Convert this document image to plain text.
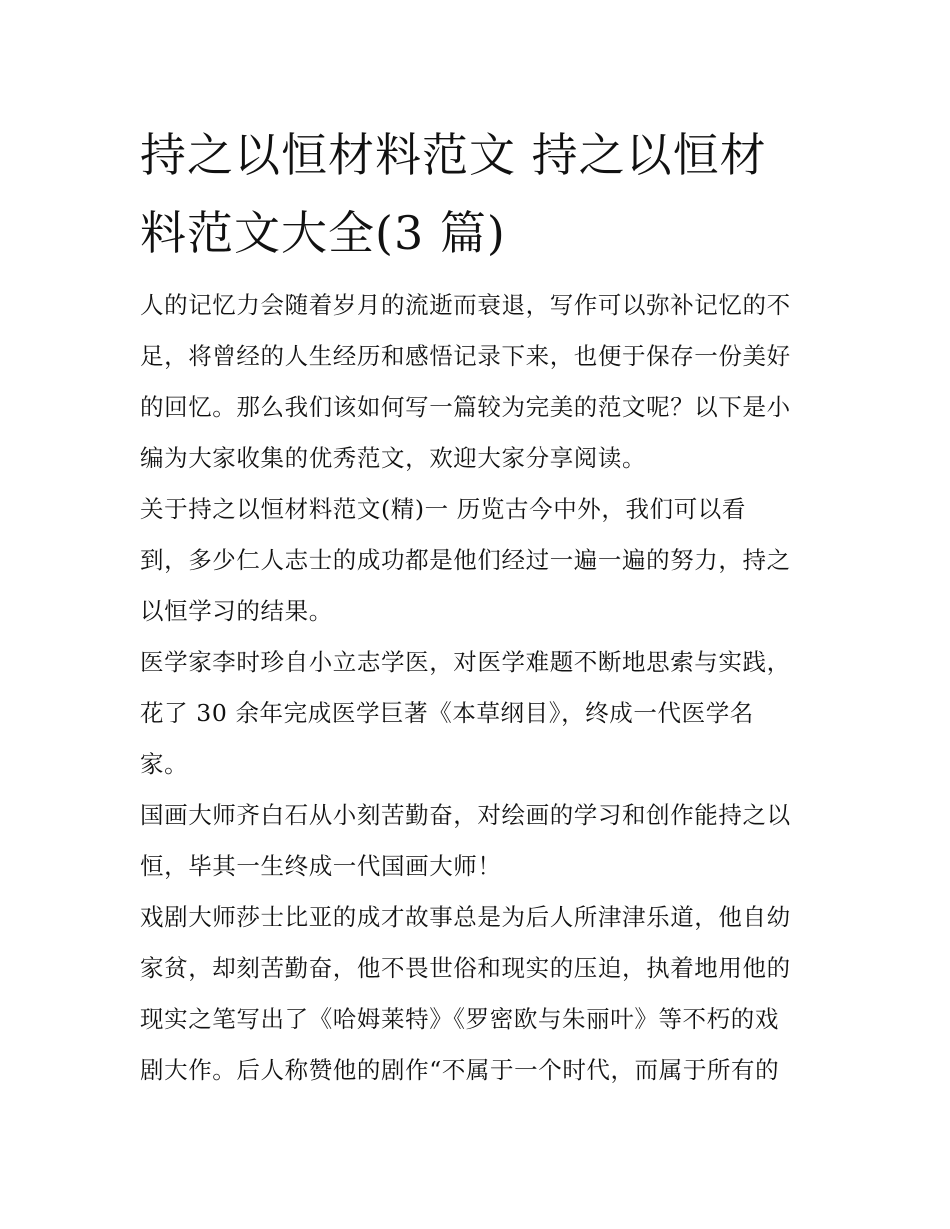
持之以恒材料范文 持之以恒材
料范文大全(3 篇)
人的记忆力会随着岁月的流逝而衰退，写作可以弥补记忆的不
足，将曾经的人生经历和感悟记录下来，也便于保存一份美好
的回忆。那么我们该如何写一篇较为完美的范文呢？以下是小
编为大家收集的优秀范文，欢迎大家分享阅读。
关于持之以恒材料范文(精)一 历览古今中外，我们可以看
到，多少仁人志士的成功都是他们经过一遍一遍的努力，持之
以恒学习的结果。
医学家李时珍自小立志学医，对医学难题不断地思索与实践，
花了 30 余年完成医学巨著《本草纲目》，终成一代医学名
家。
国画大师齐白石从小刻苦勤奋，对绘画的学习和创作能持之以
恒，毕其一生终成一代国画大师！
戏剧大师莎士比亚的成才故事总是为后人所津津乐道，他自幼
家贫，却刻苦勤奋，他不畏世俗和现实的压迫，执着地用他的
现实之笔写出了《哈姆莱特》《罗密欧与朱丽叶》等不朽的戏
剧大作。后人称赞他的剧作“不属于一个时代，而属于所有的
